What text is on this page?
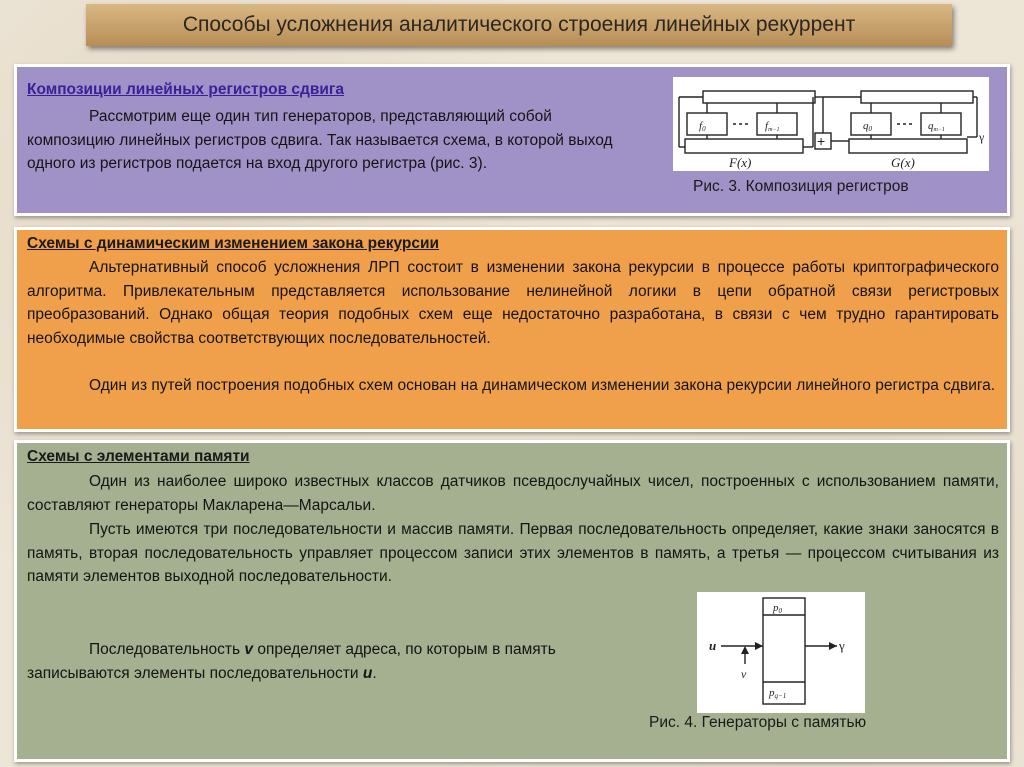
Способы усложнения аналитического строения линейных рекуррент
Композиции линейных регистров сдвига

Рассмотрим еще один тип генераторов, представляющий собой композицию линейных регистров сдвига. Так называется схема, в которой выход одного из регистров подается на вход другого регистра (рис. 3).

f0	fm−1	q0	qm−1
+
F(x)	G(x)
γ
Рис. 3. Композиция регистров
Схемы с динамическим изменением закона рекурсии

Альтернативный способ усложнения ЛРП состоит в изменении закона рекурсии в процессе работы криптографического алгоритма. Привлекательным представляется использование нелинейной логики в цепи обратной связи регистровых преобразований. Однако общая теория подобных схем еще недостаточно разработана, в связи с чем трудно гарантировать необходимые свойства соответствующих последовательностей.

Один из путей построения подобных схем основан на динамическом изменении закона рекурсии линейного регистра сдвига.

Схемы с элементами памяти

Один из наиболее широко известных классов датчиков псевдослучайных чисел, построенных с использованием памяти, составляют генераторы Макларена—Марсальи.

Пусть имеются три последовательности и массив памяти. Первая последовательность определяет, какие знаки заносятся в память, вторая последовательность управляет процессом записи этих элементов в память, а третья — процессом считывания из памяти элементов выходной последовательности.

Последовательность v определяет адреса, по которым в память записываются элементы последовательности u.

p0
pq−1
u
v
γ
Рис. 4. Генераторы с памятью
